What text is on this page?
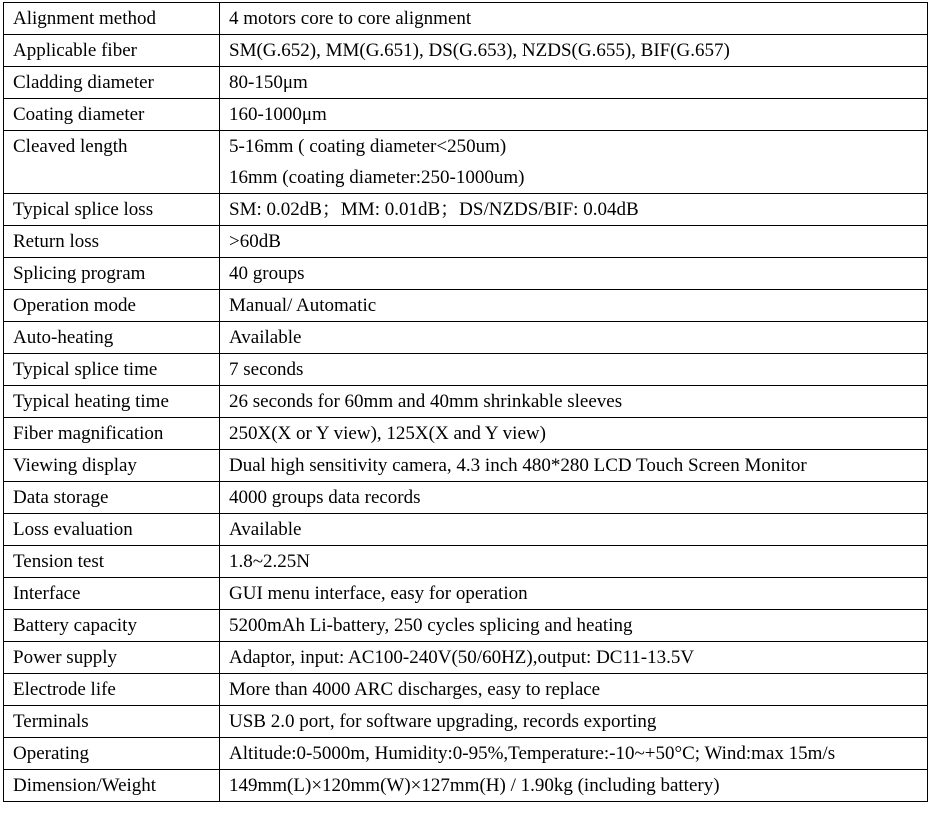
Alignment method	4 motors core to core alignment

Applicable fiber	SM(G.652), MM(G.651), DS(G.653), NZDS(G.655), BIF(G.657)

Cladding diameter	80-150μm

Coating diameter	160-1000μm

Cleaved length	5-16mm ( coating diameter<250um)
16mm (coating diameter:250-1000um)

Typical splice loss	SM: 0.02dB；MM: 0.01dB；DS/NZDS/BIF: 0.04dB

Return loss	>60dB

Splicing program	40 groups

Operation mode	Manual/ Automatic

Auto-heating	Available

Typical splice time	7 seconds

Typical heating time	26 seconds for 60mm and 40mm shrinkable sleeves

Fiber magnification	250X(X or Y view), 125X(X and Y view)

Viewing display	Dual high sensitivity camera, 4.3 inch 480*280 LCD Touch Screen Monitor

Data storage	4000 groups data records

Loss evaluation	Available

Tension test	1.8~2.25N

Interface	GUI menu interface, easy for operation

Battery capacity	5200mAh Li-battery, 250 cycles splicing and heating

Power supply	Adaptor, input: AC100-240V(50/60HZ),output: DC11-13.5V

Electrode life	More than 4000 ARC discharges, easy to replace

Terminals	USB 2.0 port, for software upgrading, records exporting

Operating	Altitude:0-5000m, Humidity:0-95%,Temperature:-10~+50°C; Wind:max 15m/s

Dimension/Weight	149mm(L)×120mm(W)×127mm(H) / 1.90kg (including battery)
